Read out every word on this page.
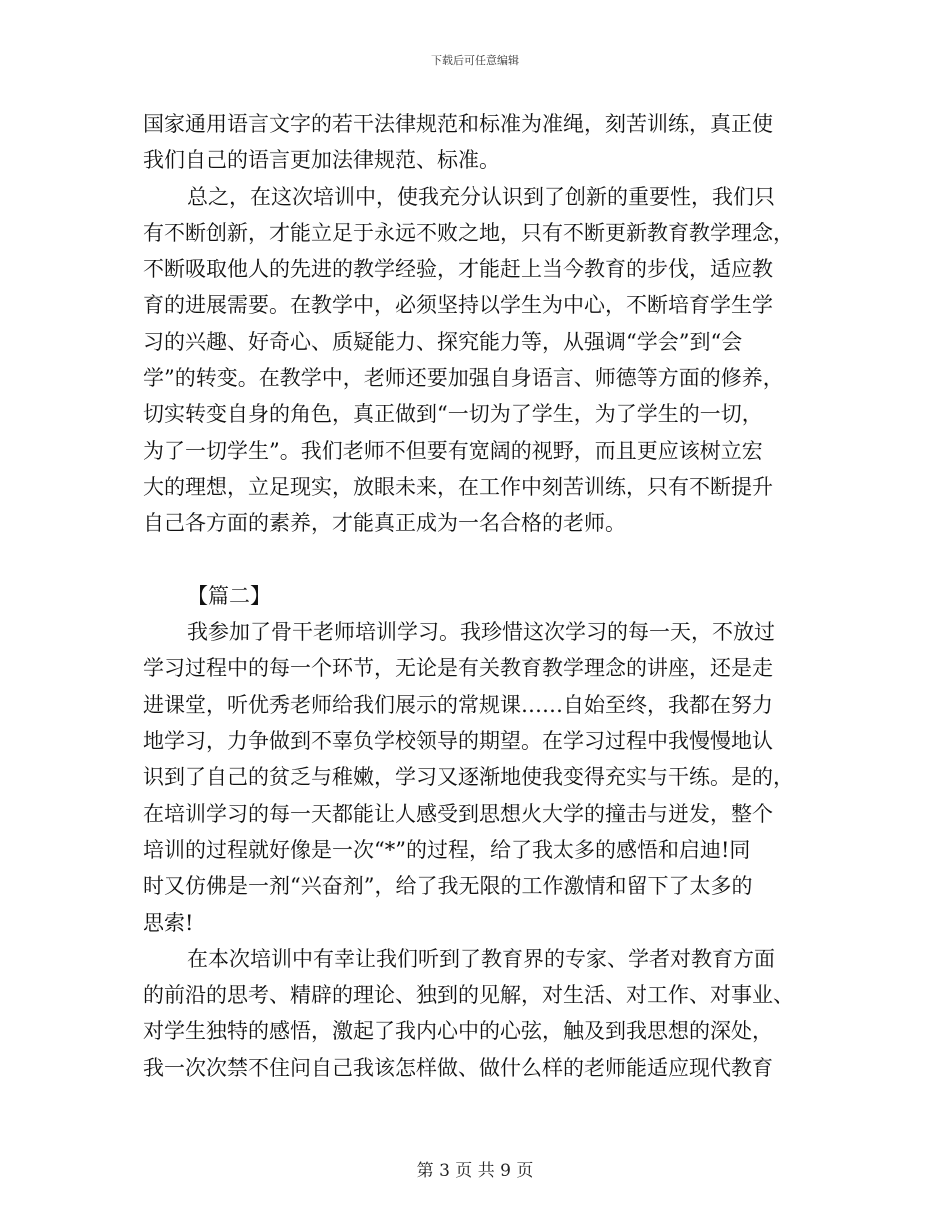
下载后可任意编辑
国家通用语言文字的若干法律规范和标准为准绳，刻苦训练，真正使
我们自己的语言更加法律规范、标准。
总之，在这次培训中，使我充分认识到了创新的重要性，我们只
有不断创新，才能立足于永远不败之地，只有不断更新教育教学理念，
不断吸取他人的先进的教学经验，才能赶上当今教育的步伐，适应教
育的进展需要。在教学中，必须坚持以学生为中心，不断培育学生学
习的兴趣、好奇心、质疑能力、探究能力等，从强调“学会”到“会
学”的转变。在教学中，老师还要加强自身语言、师德等方面的修养，
切实转变自身的角色，真正做到“一切为了学生，为了学生的一切，
为了一切学生”。我们老师不但要有宽阔的视野，而且更应该树立宏
大的理想，立足现实，放眼未来，在工作中刻苦训练，只有不断提升
自己各方面的素养，才能真正成为一名合格的老师。
【篇二】
我参加了骨干老师培训学习。我珍惜这次学习的每一天，不放过
学习过程中的每一个环节，无论是有关教育教学理念的讲座，还是走
进课堂，听优秀老师给我们展示的常规课……自始至终，我都在努力
地学习，力争做到不辜负学校领导的期望。在学习过程中我慢慢地认
识到了自己的贫乏与稚嫩，学习又逐渐地使我变得充实与干练。是的，
在培训学习的每一天都能让人感受到思想火大学的撞击与迸发，整个
培训的过程就好像是一次“*”的过程，给了我太多的感悟和启迪!同
时又仿佛是一剂“兴奋剂”，给了我无限的工作激情和留下了太多的
思索!
在本次培训中有幸让我们听到了教育界的专家、学者对教育方面
的前沿的思考、精辟的理论、独到的见解，对生活、对工作、对事业、
对学生独特的感悟，激起了我内心中的心弦，触及到我思想的深处，
我一次次禁不住问自己我该怎样做、做什么样的老师能适应现代教育
第 3 页 共 9 页
